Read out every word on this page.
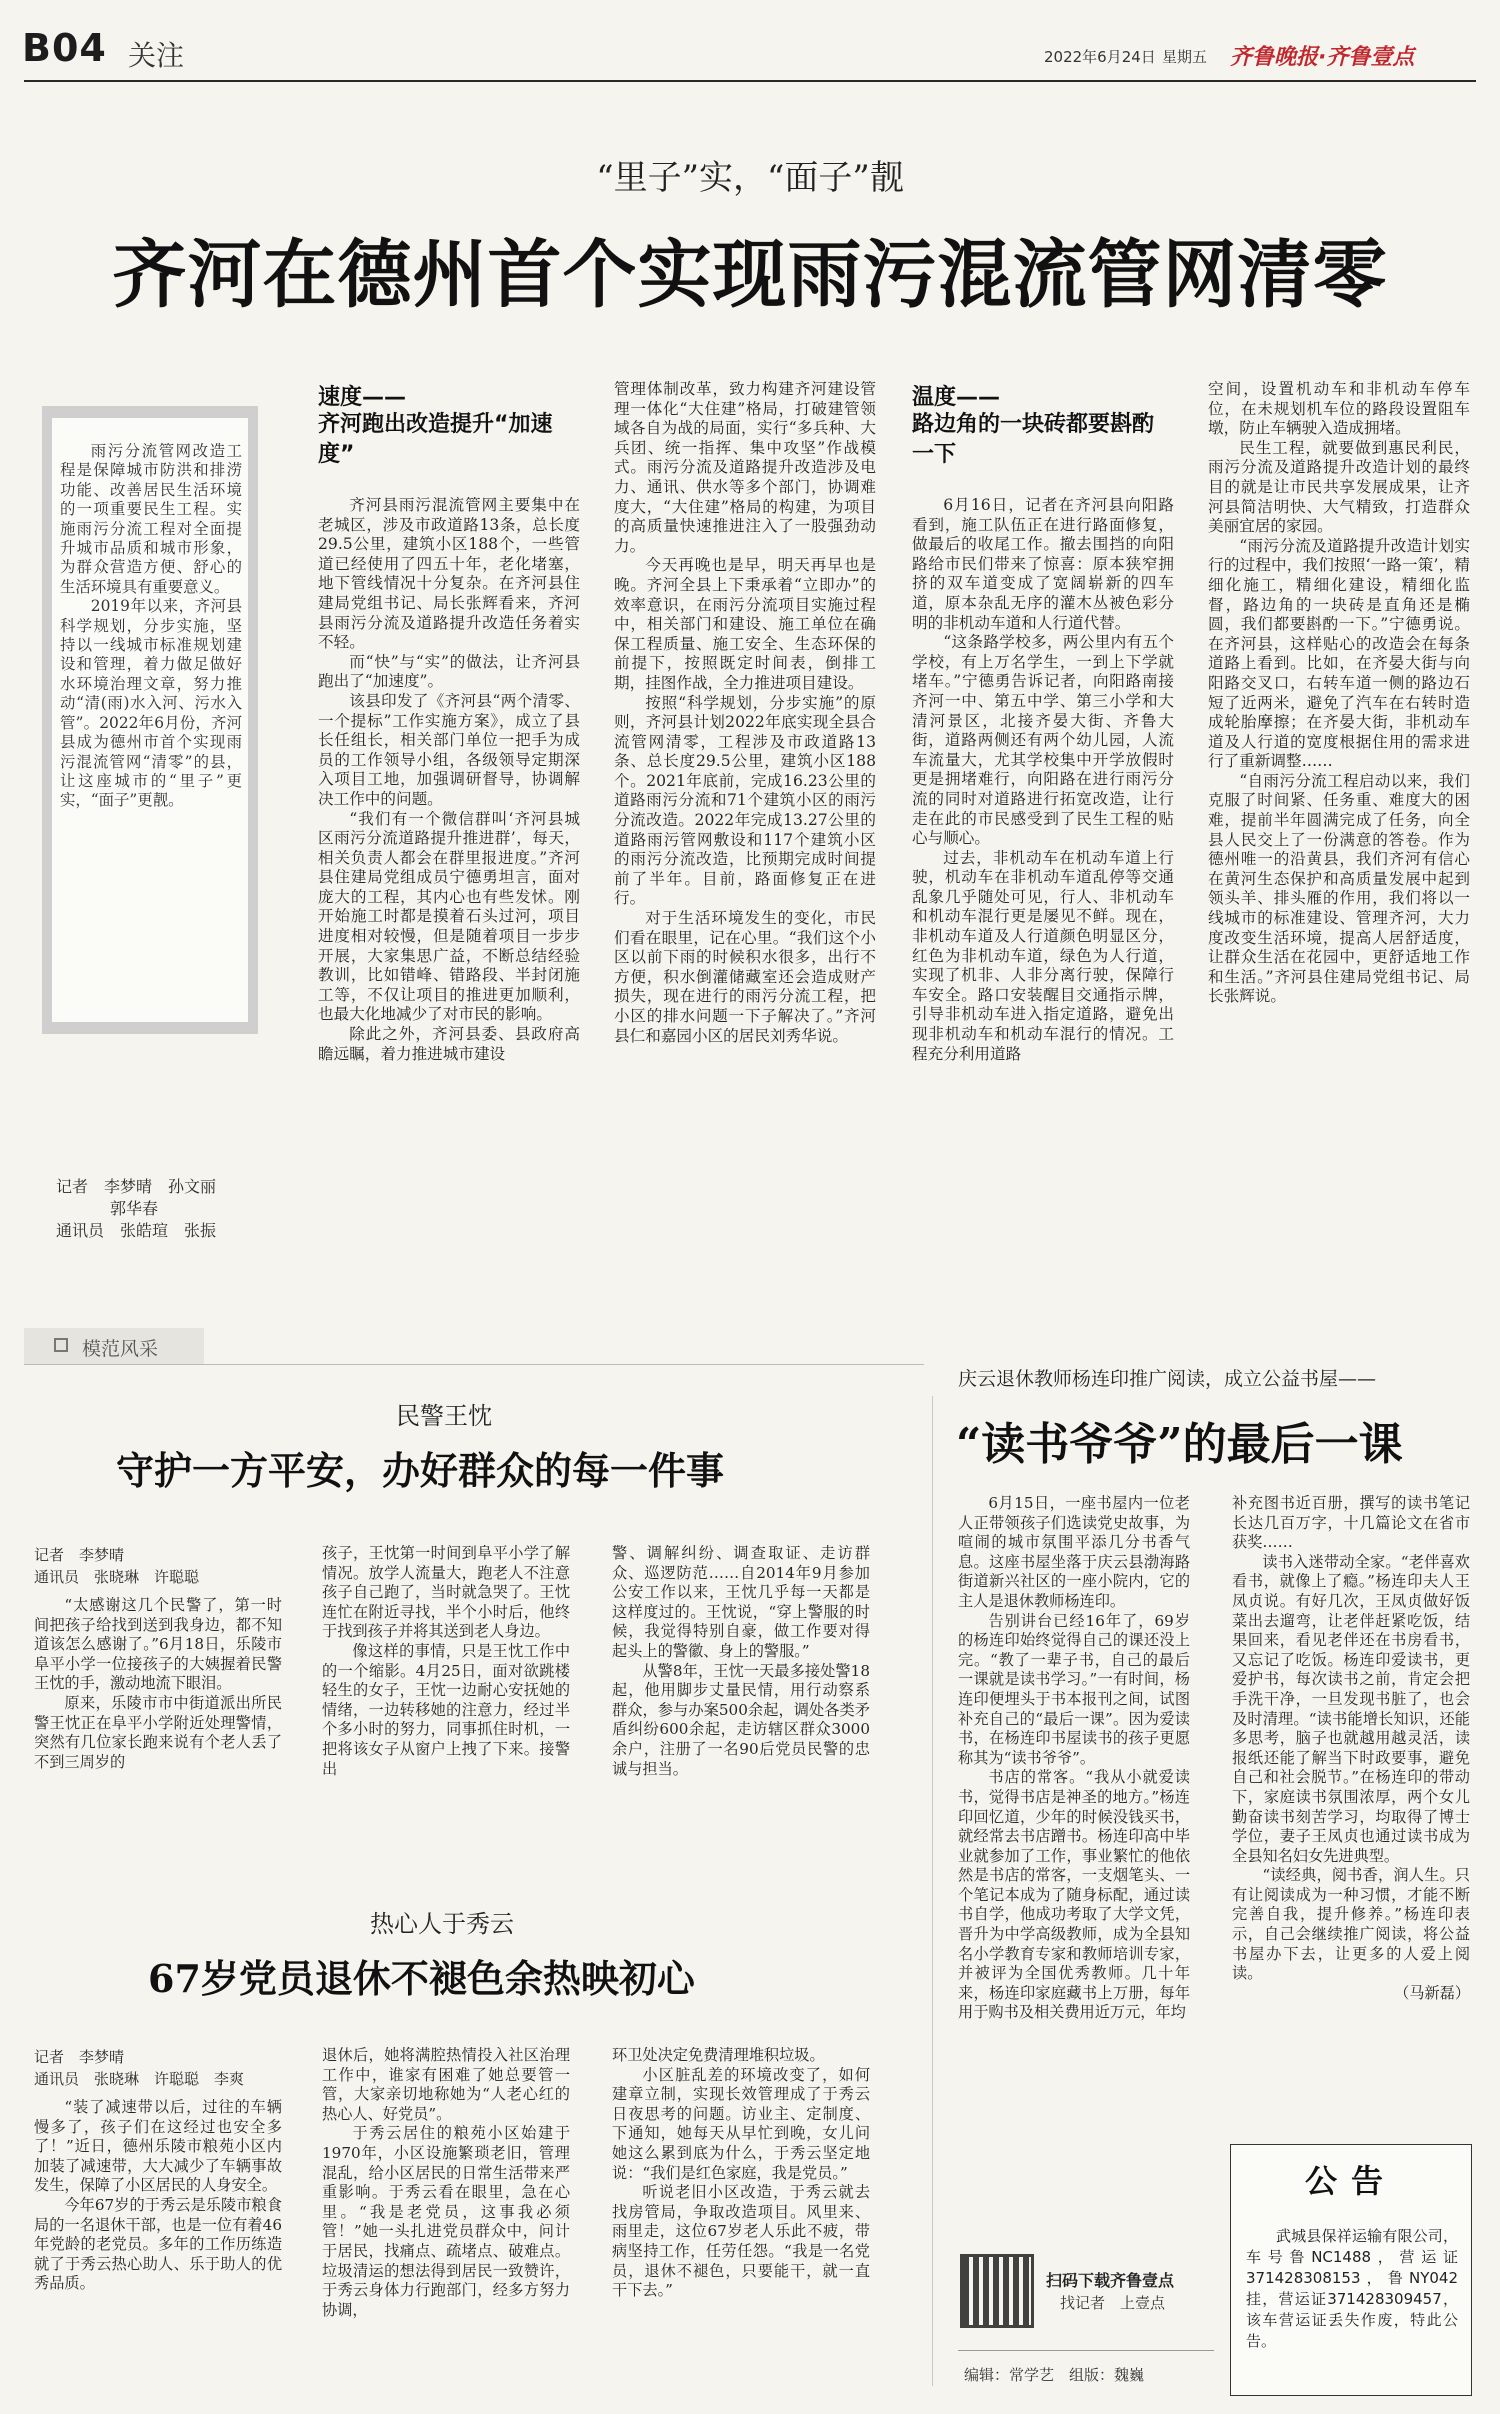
B04 关注	2022年6月24日 星期五 齐鲁晚报·齐鲁壹点
“里子”实，“面子”靓
齐河在德州首个实现雨污混流管网清零

雨污分流管网改造工程是保障城市防洪和排涝功能、改善居民生活环境的一项重要民生工程。实施雨污分流工程对全面提升城市品质和城市形象，为群众营造方便、舒心的生活环境具有重要意义。

2019年以来，齐河县科学规划，分步实施，坚持以一线城市标准规划建设和管理，着力做足做好水环境治理文章，努力推动“清(雨)水入河、污水入管”。2022年6月份，齐河县成为德州市首个实现雨污混流管网“清零”的县，让这座城市的“里子”更实，“面子”更靓。

记者　李梦晴　孙文丽
郭华春
通讯员　张皓瑄　张振
速度——
齐河跑出改造提升“加速度”

齐河县雨污混流管网主要集中在老城区，涉及市政道路13条，总长度29.5公里，建筑小区188个，一些管道已经使用了四五十年，老化堵塞，地下管线情况十分复杂。在齐河县住建局党组书记、局长张辉看来，齐河县雨污分流及道路提升改造任务着实不轻。

而“快”与“实”的做法，让齐河县跑出了“加速度”。

该县印发了《齐河县“两个清零、一个提标”工作实施方案》，成立了县长任组长，相关部门单位一把手为成员的工作领导小组，各级领导定期深入项目工地，加强调研督导，协调解决工作中的问题。

“我们有一个微信群叫‘齐河县城区雨污分流道路提升推进群’，每天，相关负责人都会在群里报进度。”齐河县住建局党组成员宁德勇坦言，面对庞大的工程，其内心也有些发怵。刚开始施工时都是摸着石头过河，项目进度相对较慢，但是随着项目一步步开展，大家集思广益，不断总结经验教训，比如错峰、错路段、半封闭施工等，不仅让项目的推进更加顺利，也最大化地减少了对市民的影响。

除此之外，齐河县委、县政府高瞻远瞩，着力推进城市建设

管理体制改革，致力构建齐河建设管理一体化“大住建”格局，打破建管领域各自为战的局面，实行“多兵种、大兵团、统一指挥、集中攻坚”作战模式。雨污分流及道路提升改造涉及电力、通讯、供水等多个部门，协调难度大，“大住建”格局的构建，为项目的高质量快速推进注入了一股强劲动力。

今天再晚也是早，明天再早也是晚。齐河全县上下秉承着“立即办”的效率意识，在雨污分流项目实施过程中，相关部门和建设、施工单位在确保工程质量、施工安全、生态环保的前提下，按照既定时间表，倒排工期，挂图作战，全力推进项目建设。

按照“科学规划，分步实施”的原则，齐河县计划2022年底实现全县合流管网清零，工程涉及市政道路13条、总长度29.5公里，建筑小区188个。2021年底前，完成16.23公里的道路雨污分流和71个建筑小区的雨污分流改造。2022年完成13.27公里的道路雨污管网敷设和117个建筑小区的雨污分流改造，比预期完成时间提前了半年。目前，路面修复正在进行。

对于生活环境发生的变化，市民们看在眼里，记在心里。“我们这个小区以前下雨的时候积水很多，出行不方便，积水倒灌储藏室还会造成财产损失，现在进行的雨污分流工程，把小区的排水问题一下子解决了。”齐河县仁和嘉园小区的居民刘秀华说。

温度——
路边角的一块砖都要斟酌一下

6月16日，记者在齐河县向阳路看到，施工队伍正在进行路面修复，做最后的收尾工作。撤去围挡的向阳路给市民们带来了惊喜：原本狭窄拥挤的双车道变成了宽阔崭新的四车道，原本杂乱无序的灌木丛被色彩分明的非机动车道和人行道代替。

“这条路学校多，两公里内有五个学校，有上万名学生，一到上下学就堵车。”宁德勇告诉记者，向阳路南接齐河一中、第五中学、第三小学和大清河景区，北接齐晏大街、齐鲁大街，道路两侧还有两个幼儿园，人流车流量大，尤其学校集中开学放假时更是拥堵难行，向阳路在进行雨污分流的同时对道路进行拓宽改造，让行走在此的市民感受到了民生工程的贴心与顺心。

过去，非机动车在机动车道上行驶，机动车在非机动车道乱停等交通乱象几乎随处可见，行人、非机动车和机动车混行更是屡见不鲜。现在，非机动车道及人行道颜色明显区分，红色为非机动车道，绿色为人行道，实现了机非、人非分离行驶，保障行车安全。路口安装醒目交通指示牌，引导非机动车进入指定道路，避免出现非机动车和机动车混行的情况。工程充分利用道路

空间，设置机动车和非机动车停车位，在未规划机车位的路段设置阻车墩，防止车辆驶入造成拥堵。

民生工程，就要做到惠民利民，雨污分流及道路提升改造计划的最终目的就是让市民共享发展成果，让齐河县简洁明快、大气精致，打造群众美丽宜居的家园。

“雨污分流及道路提升改造计划实行的过程中，我们按照‘一路一策’，精细化施工，精细化建设，精细化监督，路边角的一块砖是直角还是椭圆，我们都要斟酌一下。”宁德勇说。在齐河县，这样贴心的改造会在每条道路上看到。比如，在齐晏大街与向阳路交叉口，右转车道一侧的路边石短了近两米，避免了汽车在右转时造成轮胎摩擦；在齐晏大街，非机动车道及人行道的宽度根据住用的需求进行了重新调整……

“自雨污分流工程启动以来，我们克服了时间紧、任务重、难度大的困难，提前半年圆满完成了任务，向全县人民交上了一份满意的答卷。作为德州唯一的沿黄县，我们齐河有信心在黄河生态保护和高质量发展中起到领头羊、排头雁的作用，我们将以一线城市的标准建设、管理齐河，大力度改变生活环境，提高人居舒适度，让群众生活在花园中，更舒适地工作和生活。”齐河县住建局党组书记、局长张辉说。

模范风采
民警王忱
守护一方平安，办好群众的每一件事
记者　李梦晴
通讯员　张晓琳　许聪聪

“太感谢这几个民警了，第一时间把孩子给找到送到我身边，都不知道该怎么感谢了。”6月18日，乐陵市阜平小学一位接孩子的大姨握着民警王忱的手，激动地流下眼泪。

原来，乐陵市市中街道派出所民警王忱正在阜平小学附近处理警情，突然有几位家长跑来说有个老人丢了不到三周岁的

孩子，王忱第一时间到阜平小学了解情况。放学人流量大，跑老人不注意孩子自己跑了，当时就急哭了。王忱连忙在附近寻找，半个小时后，他终于找到孩子并将其送到老人身边。

像这样的事情，只是王忱工作中的一个缩影。4月25日，面对欲跳楼轻生的女子，王忱一边耐心安抚她的情绪，一边转移她的注意力，经过半个多小时的努力，同事抓住时机，一把将该女子从窗户上拽了下来。接警出

警、调解纠纷、调查取证、走访群众、巡逻防范……自2014年9月参加公安工作以来，王忱几乎每一天都是这样度过的。王忱说，“穿上警服的时候，我觉得特别自豪，做工作要对得起头上的警徽、身上的警服。”

从警8年，王忱一天最多接处警18起，他用脚步丈量民情，用行动察系群众，参与办案500余起，调处各类矛盾纠纷600余起，走访辖区群众3000余户，注册了一名90后党员民警的忠诚与担当。

热心人于秀云
67岁党员退休不褪色余热映初心
记者　李梦晴
通讯员　张晓琳　许聪聪　李爽

“装了减速带以后，过往的车辆慢多了，孩子们在这经过也安全多了！”近日，德州乐陵市粮苑小区内加装了减速带，大大减少了车辆事故发生，保障了小区居民的人身安全。

今年67岁的于秀云是乐陵市粮食局的一名退休干部，也是一位有着46年党龄的老党员。多年的工作历练造就了于秀云热心助人、乐于助人的优秀品质。

退休后，她将满腔热情投入社区治理工作中，谁家有困难了她总要管一管，大家亲切地称她为“人老心红的热心人、好党员”。

于秀云居住的粮苑小区始建于1970年，小区设施繁琐老旧，管理混乱，给小区居民的日常生活带来严重影响。于秀云看在眼里，急在心里。“我是老党员，这事我必须管！”她一头扎进党员群众中，问计于居民，找痛点、疏堵点、破难点。垃圾清运的想法得到居民一致赞许，于秀云身体力行跑部门，经多方努力协调，

环卫处决定免费清理堆积垃圾。

小区脏乱差的环境改变了，如何建章立制，实现长效管理成了于秀云日夜思考的问题。访业主、定制度、下通知，她每天从早忙到晚，女儿问她这么累到底为什么，于秀云坚定地说：“我们是红色家庭，我是党员。”

听说老旧小区改造，于秀云就去找房管局，争取改造项目。风里来、雨里走，这位67岁老人乐此不疲，带病坚持工作，任劳任怨。“我是一名党员，退休不褪色，只要能干，就一直干下去。”

庆云退休教师杨连印推广阅读，成立公益书屋——
“读书爷爷”的最后一课

6月15日，一座书屋内一位老人正带领孩子们选读党史故事，为喧闹的城市氛围平添几分书香气息。这座书屋坐落于庆云县渤海路街道新兴社区的一座小院内，它的主人是退休教师杨连印。

告别讲台已经16年了，69岁的杨连印始终觉得自己的课还没上完。“教了一辈子书，自己的最后一课就是读书学习。”一有时间，杨连印便埋头于书本报刊之间，试图补充自己的“最后一课”。因为爱读书，在杨连印书屋读书的孩子更愿称其为“读书爷爷”。

书店的常客。“我从小就爱读书，觉得书店是神圣的地方。”杨连印回忆道，少年的时候没钱买书，就经常去书店蹭书。杨连印高中毕业就参加了工作，事业繁忙的他依然是书店的常客，一支烟笔头、一个笔记本成为了随身标配，通过读书自学，他成功考取了大学文凭，晋升为中学高级教师，成为全县知名小学教育专家和教师培训专家，并被评为全国优秀教师。几十年来，杨连印家庭藏书上万册，每年用于购书及相关费用近万元，年均

补充图书近百册，撰写的读书笔记长达几百万字，十几篇论文在省市获奖……

读书入迷带动全家。“老伴喜欢看书，就像上了瘾。”杨连印夫人王凤贞说。有好几次，王凤贞做好饭菜出去遛弯，让老伴赶紧吃饭，结果回来，看见老伴还在书房看书，又忘记了吃饭。杨连印爱读书，更爱护书，每次读书之前，肯定会把手洗干净，一旦发现书脏了，也会及时清理。“读书能增长知识，还能多思考，脑子也就越用越灵活，读报纸还能了解当下时政要事，避免自己和社会脱节。”在杨连印的带动下，家庭读书氛围浓厚，两个女儿勤奋读书刻苦学习，均取得了博士学位，妻子王凤贞也通过读书成为全县知名妇女先进典型。

“读经典，阅书香，润人生。只有让阅读成为一种习惯，才能不断完善自我，提升修养。”杨连印表示，自己会继续推广阅读，将公益书屋办下去，让更多的人爱上阅读。

（马新磊）
扫码下载齐鲁壹点
找记者　上壹点
编辑：常学艺　组版：魏巍
公告
武城县保祥运输有限公司，车号鲁NC1488，营运证371428308153，鲁NY042挂，营运证371428309457，该车营运证丢失作废，特此公告。
